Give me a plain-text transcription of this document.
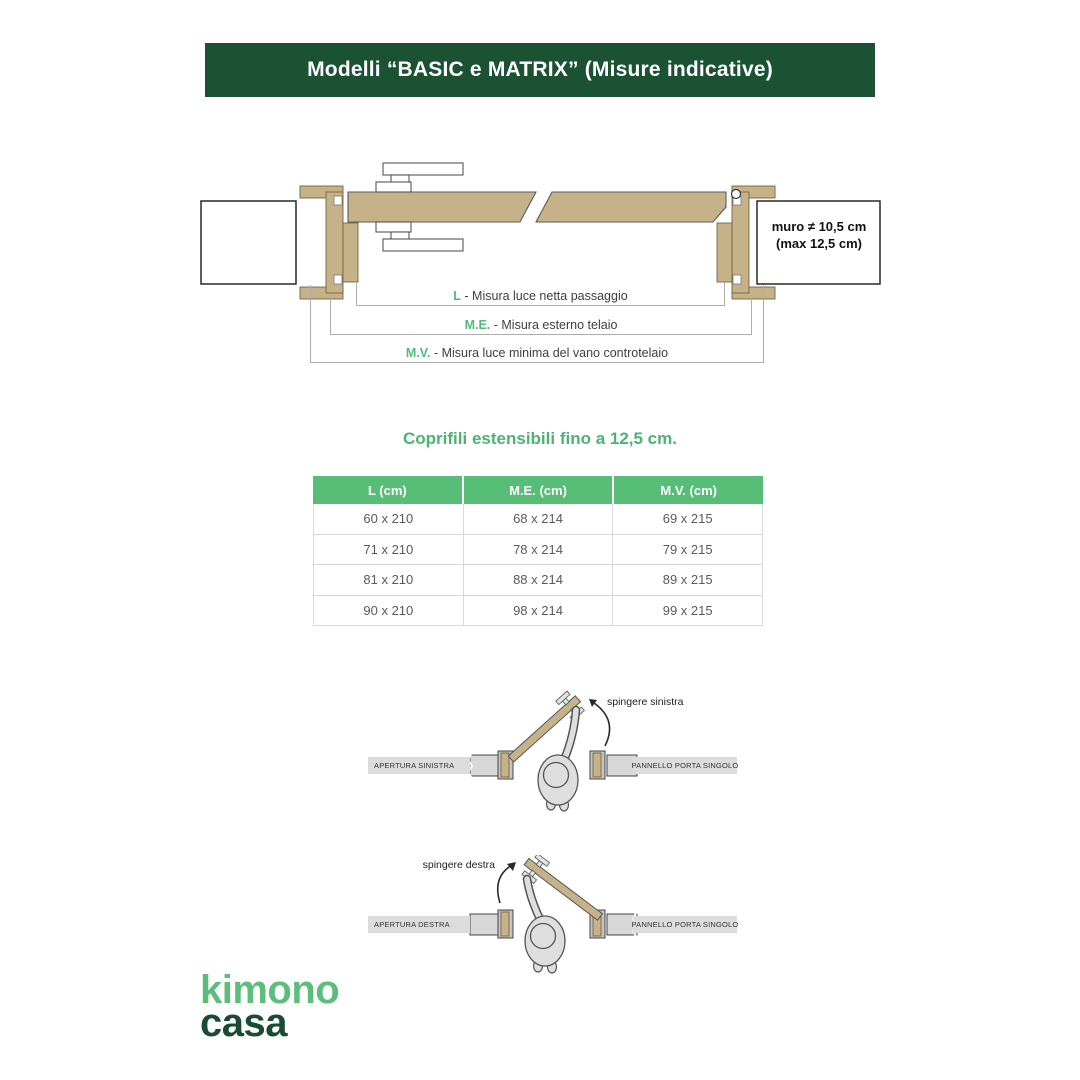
Modelli “BASIC e MATRIX” (Misure indicative)
muro ≠ 10,5 cm
(max 12,5 cm)
M.V. - Misura luce minima del vano controtelaio
M.E. - Misura esterno telaio
L - Misura luce netta passaggio
Coprifili estensibili fino a 12,5 cm.
L (cm)	M.E. (cm)	M.V. (cm)
60 x 210	68 x 214	69 x 215
71 x 210	78 x 214	79 x 215
81 x 210	88 x 214	89 x 215
90 x 210	98 x 214	99 x 215
APERTURA SINISTRA	PANNELLO PORTA SINGOLO
spingere sinistra
APERTURA DESTRA	PANNELLO PORTA SINGOLO
spingere destra
kimono
casa
